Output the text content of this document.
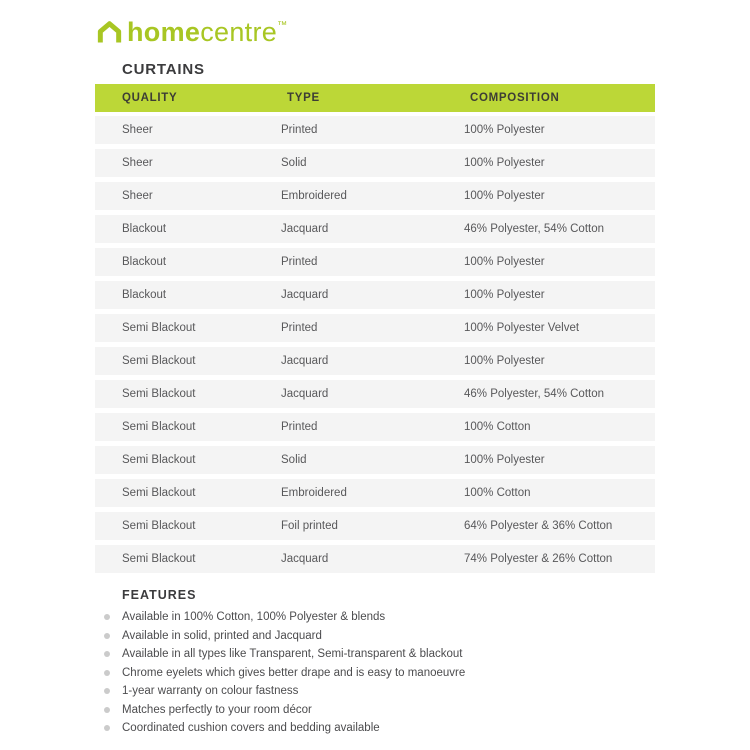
homecentre™
CURTAINS
QUALITY	TYPE	COMPOSITION
Sheer	Printed	100% Polyester
Sheer	Solid	100% Polyester
Sheer	Embroidered	100% Polyester
Blackout	Jacquard	46% Polyester, 54% Cotton
Blackout	Printed	100% Polyester
Blackout	Jacquard	100% Polyester
Semi Blackout	Printed	100% Polyester Velvet
Semi Blackout	Jacquard	100% Polyester
Semi Blackout	Jacquard	46% Polyester, 54% Cotton
Semi Blackout	Printed	100% Cotton
Semi Blackout	Solid	100% Polyester
Semi Blackout	Embroidered	100% Cotton
Semi Blackout	Foil printed	64% Polyester & 36% Cotton
Semi Blackout	Jacquard	74% Polyester & 26% Cotton
FEATURES
Available in 100% Cotton, 100% Polyester & blends
Available in solid, printed and Jacquard
Available in all types like Transparent, Semi-transparent & blackout
Chrome eyelets which gives better drape and is easy to manoeuvre
1-year warranty on colour fastness
Matches perfectly to your room décor
Coordinated cushion covers and bedding available
